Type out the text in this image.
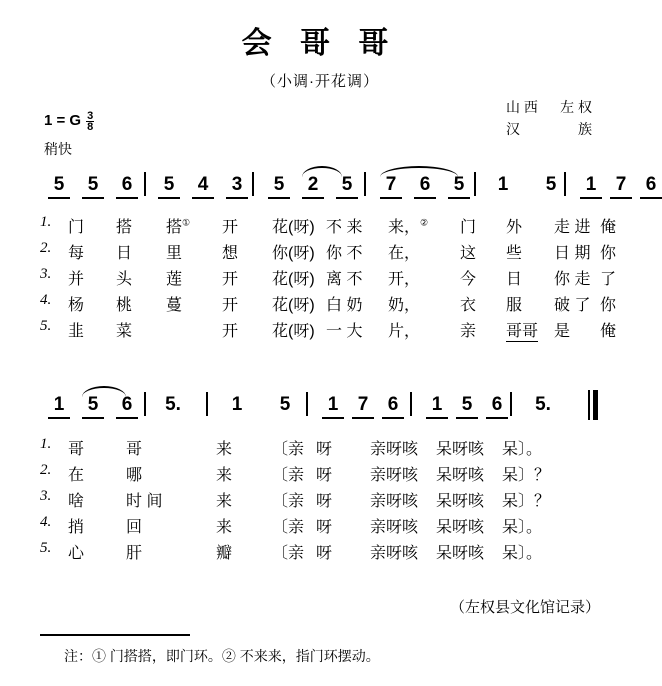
会 哥 哥
（小调·开花调）
山 西 左 权
汉	族
1 = G $\frac{3}{8}$
稍快
5	5	6	5	4	3	5	2	5	7	6	5	1	5	1	7	6
1	5	6	5.	1	5	1	7	6	1	5	6	5.
1. 门 搭 搭① 开 花(呀) 不 来 来，② 门 外 走 进 俺
2. 每 日 里 想 你(呀) 你 不 在， 这 些 日 期 你
3. 并 头 莲 开 花(呀) 离 不 开， 今 日 你 走 了
4. 杨 桃 蔓 开 花(呀) 白 奶 奶， 衣 服 破 了 你
5. 韭 菜	开 花(呀) 一 大 片， 亲 哥哥 是 俺
1. 哥	哥	来 〔亲 呀 亲呀咳 呆呀咳 呆〕。
2. 在	哪	来 〔亲 呀 亲呀咳 呆呀咳 呆〕？
3. 啥	时 间	来 〔亲 呀 亲呀咳 呆呀咳 呆〕？
4. 捎	回	来 〔亲 呀 亲呀咳 呆呀咳 呆〕。
5. 心	肝	瓣 〔亲 呀 亲呀咳 呆呀咳 呆〕。
（左权县文化馆记录）
注：① 门搭搭，即门环。② 不来来，指门环摆动。
